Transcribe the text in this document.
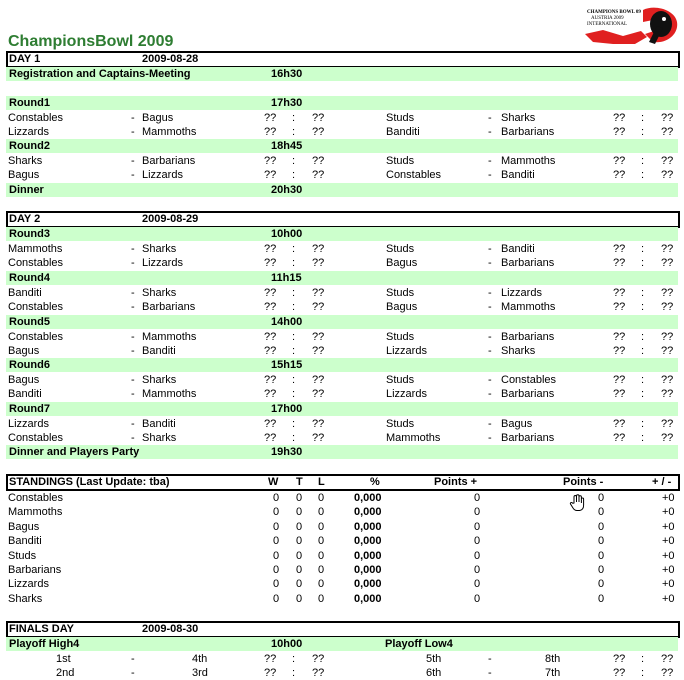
CHAMPIONS BOWL 09
AUSTRIA 2009
INTERNATIONAL
ChampionsBowl 2009
DAY 1	2009-08-28
Registration and Captains-Meeting	16h30
Round1	17h30
Constables	- Bagus	?? : ??	Studs	- Sharks	?? : ??
Lizzards	- Mammoths	?? : ??	Banditi	- Barbarians	?? : ??
Round2	18h45
Sharks	- Barbarians	?? : ??	Studs	- Mammoths	?? : ??
Bagus	- Lizzards	?? : ??	Constables	- Banditi	?? : ??
Dinner	20h30
DAY 2	2009-08-29
Round3	10h00
Mammoths	- Sharks	?? : ??	Studs	- Banditi	?? : ??
Constables	- Lizzards	?? : ??	Bagus	- Barbarians	?? : ??
Round4	11h15
Banditi	- Sharks	?? : ??	Studs	- Lizzards	?? : ??
Constables	- Barbarians	?? : ??	Bagus	- Mammoths	?? : ??
Round5	14h00
Constables	- Mammoths	?? : ??	Studs	- Barbarians	?? : ??
Bagus	- Banditi	?? : ??	Lizzards	- Sharks	?? : ??
Round6	15h15
Bagus	- Sharks	?? : ??	Studs	- Constables	?? : ??
Banditi	- Mammoths	?? : ??	Lizzards	- Barbarians	?? : ??
Round7	17h00
Lizzards	- Banditi	?? : ??	Studs	- Bagus	?? : ??
Constables	- Sharks	?? : ??	Mammoths	- Barbarians	?? : ??
Dinner and Players Party	19h30
STANDINGS (Last Update: tba)	W T L	%	Points +	Points -	+ / -
Constables	0 0 0	0,000	0	0	+0
Mammoths	0 0 0	0,000	0	0	+0
Bagus	0 0 0	0,000	0	0	+0
Banditi	0 0 0	0,000	0	0	+0
Studs	0 0 0	0,000	0	0	+0
Barbarians	0 0 0	0,000	0	0	+0
Lizzards	0 0 0	0,000	0	0	+0
Sharks	0 0 0	0,000	0	0	+0
FINALS DAY	2009-08-30
Playoff High4	10h00	Playoff Low4
1st	-	4th	?? : ??	5th	-	8th	?? : ??
2nd	-	3rd	?? : ??	6th	-	7th	?? : ??
